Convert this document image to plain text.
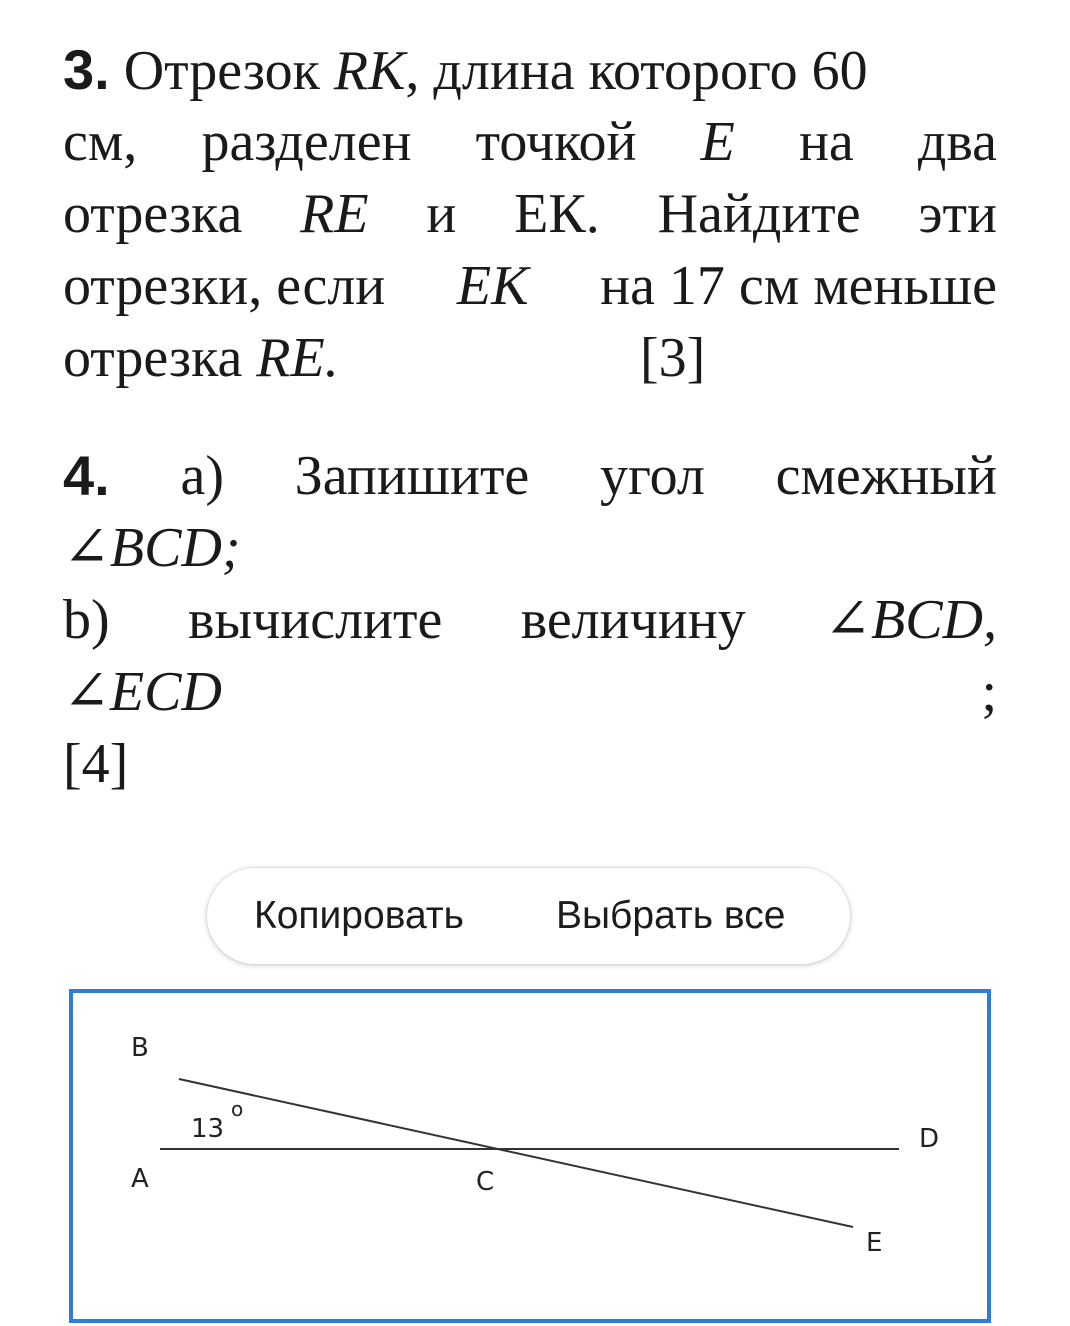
3. Отрезок RK, длина которого 60
см, разделен точкой E на два
отрезка RE и ЕК. Найдите эти
отрезки, если EK на 17 см меньше
отрезка RE.	[3]
4. а) Запишите угол смежный
∠BCD;
b) вычислите величину ∠BCD,
∠ECD	;
[4]
Копировать Выбрать все
B
13
o
A	C
D
E
